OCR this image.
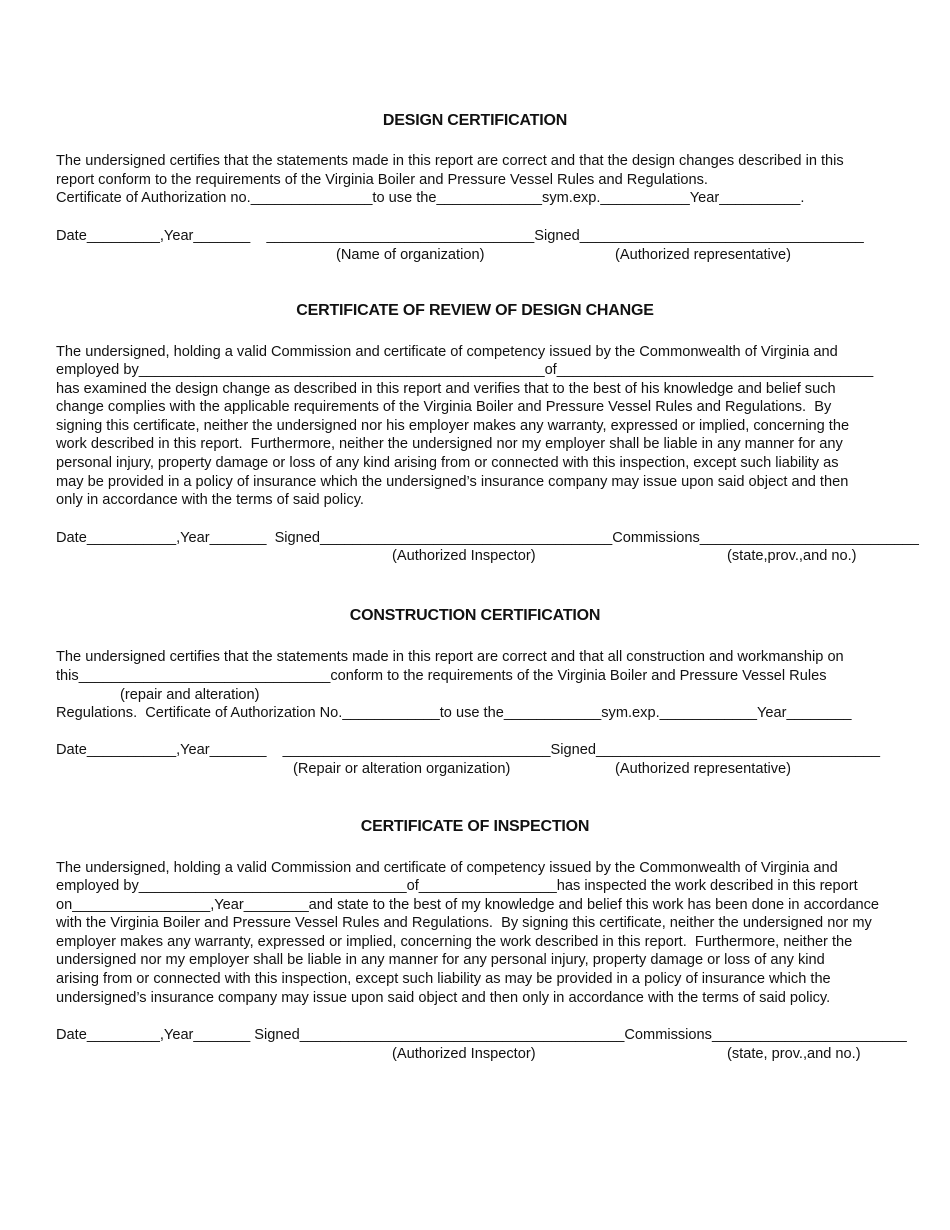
DESIGN CERTIFICATION
The undersigned certifies that the statements made in this report are correct and that the design changes described in this
report conform to the requirements of the Virginia Boiler and Pressure Vessel Rules and Regulations.
Certificate of Authorization no._______________to use the_____________sym.exp.___________Year__________.
Date_________,Year_______    _________________________________Signed___________________________________
(Name of organization)	(Authorized representative)
CERTIFICATE OF REVIEW OF DESIGN CHANGE
The undersigned, holding a valid Commission and certificate of competency issued by the Commonwealth of Virginia and
employed by__________________________________________________of_______________________________________
has examined the design change as described in this report and verifies that to the best of his knowledge and belief such
change complies with the applicable requirements of the Virginia Boiler and Pressure Vessel Rules and Regulations.  By
signing this certificate, neither the undersigned nor his employer makes any warranty, expressed or implied, concerning the
work described in this report.  Furthermore, neither the undersigned nor my employer shall be liable in any manner for any
personal injury, property damage or loss of any kind arising from or connected with this inspection, except such liability as
may be provided in a policy of insurance which the undersigned’s insurance company may issue upon said object and then
only in accordance with the terms of said policy.
Date___________,Year_______  Signed____________________________________Commissions___________________________
(Authorized Inspector)	(state,prov.,and no.)
CONSTRUCTION CERTIFICATION
The undersigned certifies that the statements made in this report are correct and that all construction and workmanship on
this_______________________________conform to the requirements of the Virginia Boiler and Pressure Vessel Rules
(repair and alteration)
Regulations.  Certificate of Authorization No.____________to use the____________sym.exp.____________Year________
Date___________,Year_______    _________________________________Signed___________________________________
(Repair or alteration organization)	(Authorized representative)
CERTIFICATE OF INSPECTION
The undersigned, holding a valid Commission and certificate of competency issued by the Commonwealth of Virginia and
employed by_________________________________of_________________has inspected the work described in this report
on_________________,Year________and state to the best of my knowledge and belief this work has been done in accordance
with the Virginia Boiler and Pressure Vessel Rules and Regulations.  By signing this certificate, neither the undersigned nor my
employer makes any warranty, expressed or implied, concerning the work described in this report.  Furthermore, neither the
undersigned nor my employer shall be liable in any manner for any personal injury, property damage or loss of any kind
arising from or connected with this inspection, except such liability as may be provided in a policy of insurance which the
undersigned’s insurance company may issue upon said object and then only in accordance with the terms of said policy.
Date_________,Year_______ Signed________________________________________Commissions________________________
(Authorized Inspector)	(state, prov.,and no.)
